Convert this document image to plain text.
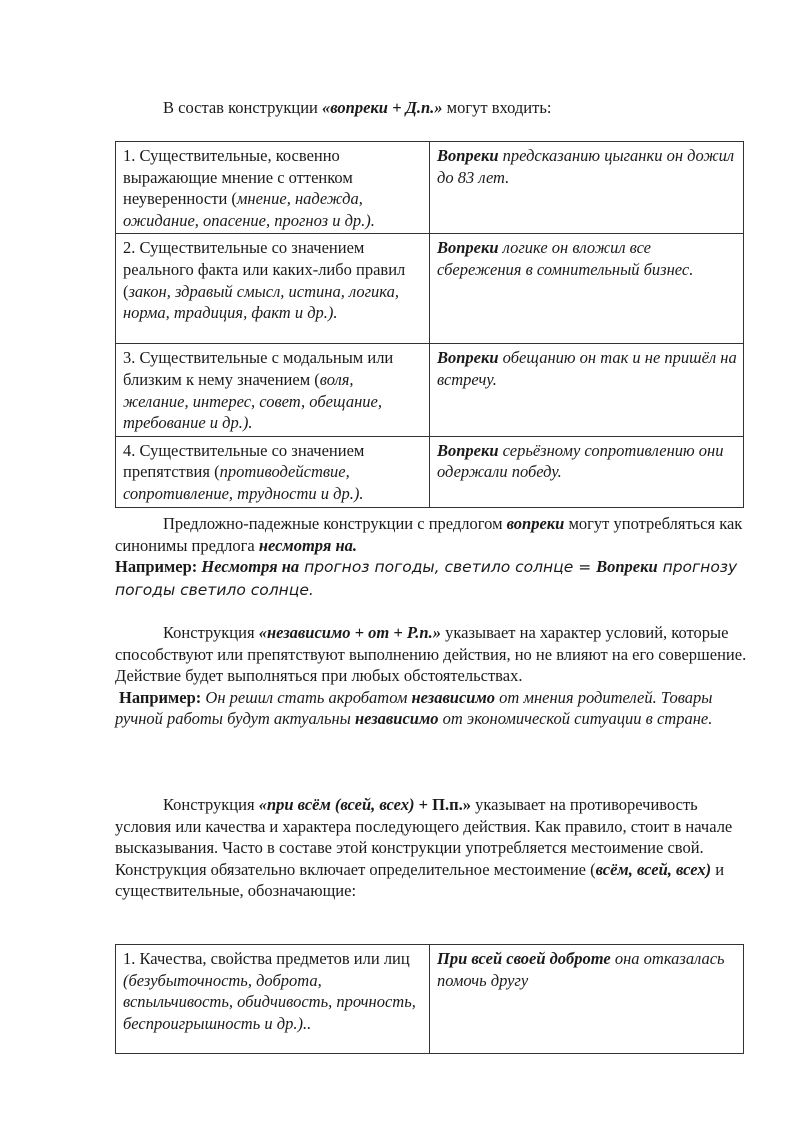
В состав конструкции «вопреки + Д.п.» могут входить:
1. Существительные, косвенно выражающие мнение с оттенком неуверенности (мнение, надежда, ожидание, опасение, прогноз и др.).	Вопреки предсказанию цыганки он дожил до 83 лет.
2. Существительные со значением реального факта или каких-либо правил (закон, здравый смысл, истина, логика, норма, традиция, факт и др.).	Вопреки логике он вложил все сбережения в сомнительный бизнес.
3. Существительные с модальным или близким к нему значением (воля, желание, интерес, совет, обещание, требование и др.).	Вопреки обещанию он так и не пришёл на встречу.
4. Существительные со значением препятствия (противодействие, сопротивление, трудности и др.).	Вопреки серьёзному сопротивлению они одержали победу.
Предложно-падежные конструкции с предлогом вопреки могут употребляться как синонимы предлога несмотря на.
Например: Несмотря на прогноз погоды, светило солнце = Вопреки прогнозу погоды светило солнце.
Конструкция «независимо + от + Р.п.» указывает на характер условий, которые способствуют или препятствуют выполнению действия, но не влияют на его совершение. Действие будет выполняться при любых обстоятельствах.
Например: Он решил стать акробатом независимо от мнения родителей. Товары ручной работы будут актуальны независимо от экономической ситуации в стране.
Конструкция «при всём (всей, всех) + П.п.» указывает на противоречивость условия или качества и характера последующего действия. Как правило, стоит в начале высказывания. Часто в составе этой конструкции употребляется местоимение свой. Конструкция обязательно включает определительное местоимение (всём, всей, всех) и существительные, обозначающие:
1. Качества, свойства предметов или лиц (безубыточность, доброта, вспыльчивость, обидчивость, прочность, беспроигрышность и др.)..	При всей своей доброте она отказалась помочь другу
